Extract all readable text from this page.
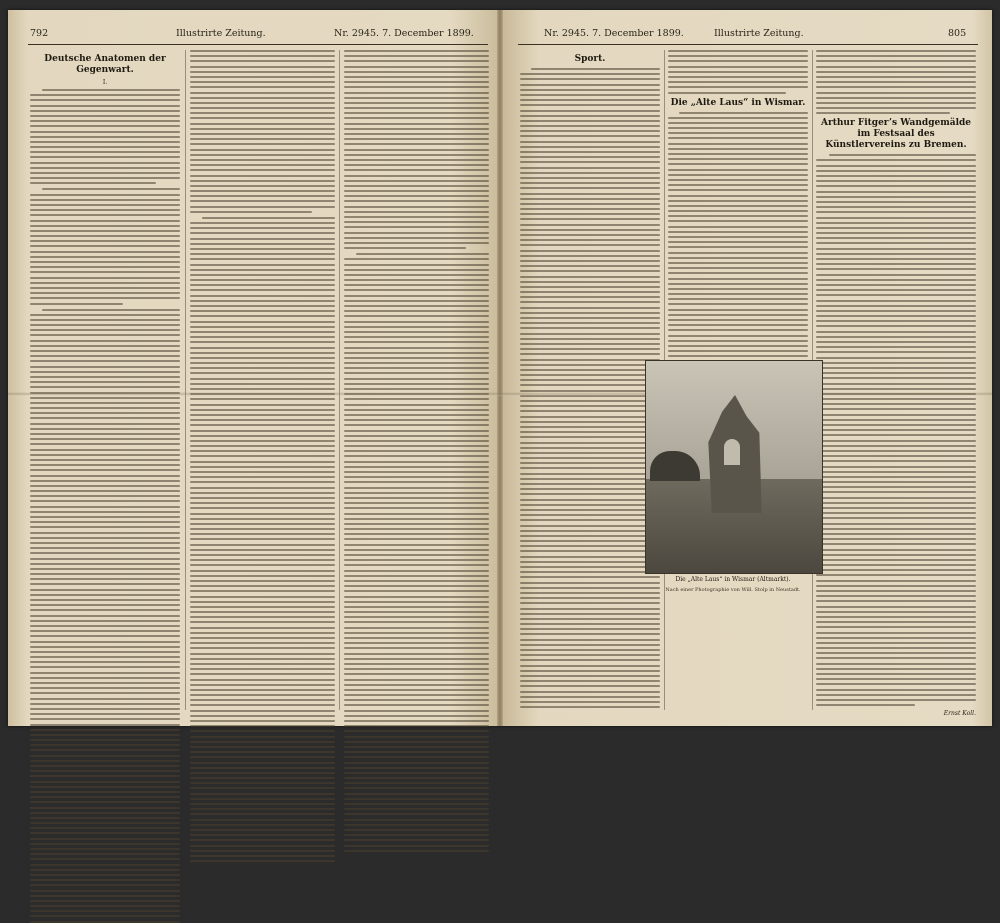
792	Illustrirte Zeitung.	Nr. 2945. 7. December 1899.
Deutsche Anatomen der Gegenwart.
I.
Nr. 2945. 7. December 1899.	Illustrirte Zeitung.	805
Sport.
Die „Alte Laus“ in Wismar.
Arthur Fitger’s Wandgemälde im Festsaal des Künstlervereins zu Bremen.
Ernst Koll.
Die „Alte Laus“ in Wismar (Altmarkt).
Nach einer Photographie von Will. Stolp in Neustadt.
